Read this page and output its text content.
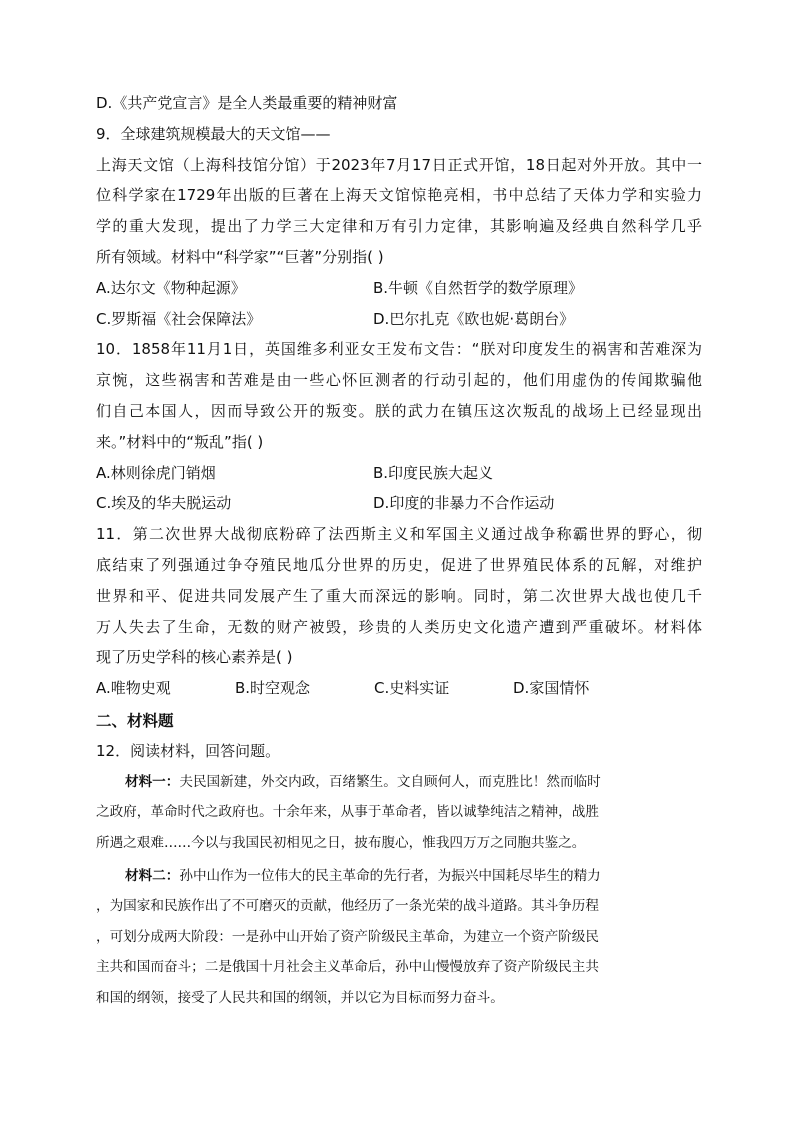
D.《共产党宣言》是全人类最重要的精神财富
9．全球建筑规模最大的天文馆——
上海天文馆（上海科技馆分馆）于2023年7月17日正式开馆，18日起对外开放。其中一
位科学家在1729年出版的巨著在上海天文馆惊艳亮相，书中总结了天体力学和实验力
学的重大发现，提出了力学三大定律和万有引力定律，其影响遍及经典自然科学几乎
所有领域。材料中“科学家”“巨著”分别指( )
A.达尔文《物种起源》	B.牛顿《自然哲学的数学原理》
C.罗斯福《社会保障法》	D.巴尔扎克《欧也妮·葛朗台》
10．1858年11月1日，英国维多利亚女王发布文告：“朕对印度发生的祸害和苦难深为
京惋，这些祸害和苦难是由一些心怀叵测者的行动引起的，他们用虚伪的传闻欺骗他
们自己本国人，因而导致公开的叛变。朕的武力在镇压这次叛乱的战场上已经显现出
来。”材料中的“叛乱”指( )
A.林则徐虎门销烟	B.印度民族大起义
C.埃及的华夫脱运动	D.印度的非暴力不合作运动
11．第二次世界大战彻底粉碎了法西斯主义和军国主义通过战争称霸世界的野心，彻
底结束了列强通过争夺殖民地瓜分世界的历史，促进了世界殖民体系的瓦解，对维护
世界和平、促进共同发展产生了重大而深远的影响。同时，第二次世界大战也使几千
万人失去了生命，无数的财产被毁，珍贵的人类历史文化遗产遭到严重破坏。材料体
现了历史学科的核心素养是( )
A.唯物史观	B.时空观念	C.史料实证	D.家国情怀
二、材料题
12．阅读材料，回答问题。
材料一：夫民国新建，外交内政，百绪繁生。文自顾何人，而克胜比！然而临时
之政府，革命时代之政府也。十余年来，从事于革命者，皆以诚挚纯洁之精神，战胜
所遇之艰难……今以与我国民初相见之日，披布腹心，惟我四万万之同胞共鉴之。
材料二：孙中山作为一位伟大的民主革命的先行者，为振兴中国耗尽毕生的精力
，为国家和民族作出了不可磨灭的贡献，他经历了一条光荣的战斗道路。其斗争历程
，可划分成两大阶段：一是孙中山开始了资产阶级民主革命，为建立一个资产阶级民
主共和国而奋斗；二是俄国十月社会主义革命后，孙中山慢慢放弃了资产阶级民主共
和国的纲领，接受了人民共和国的纲领，并以它为目标而努力奋斗。
